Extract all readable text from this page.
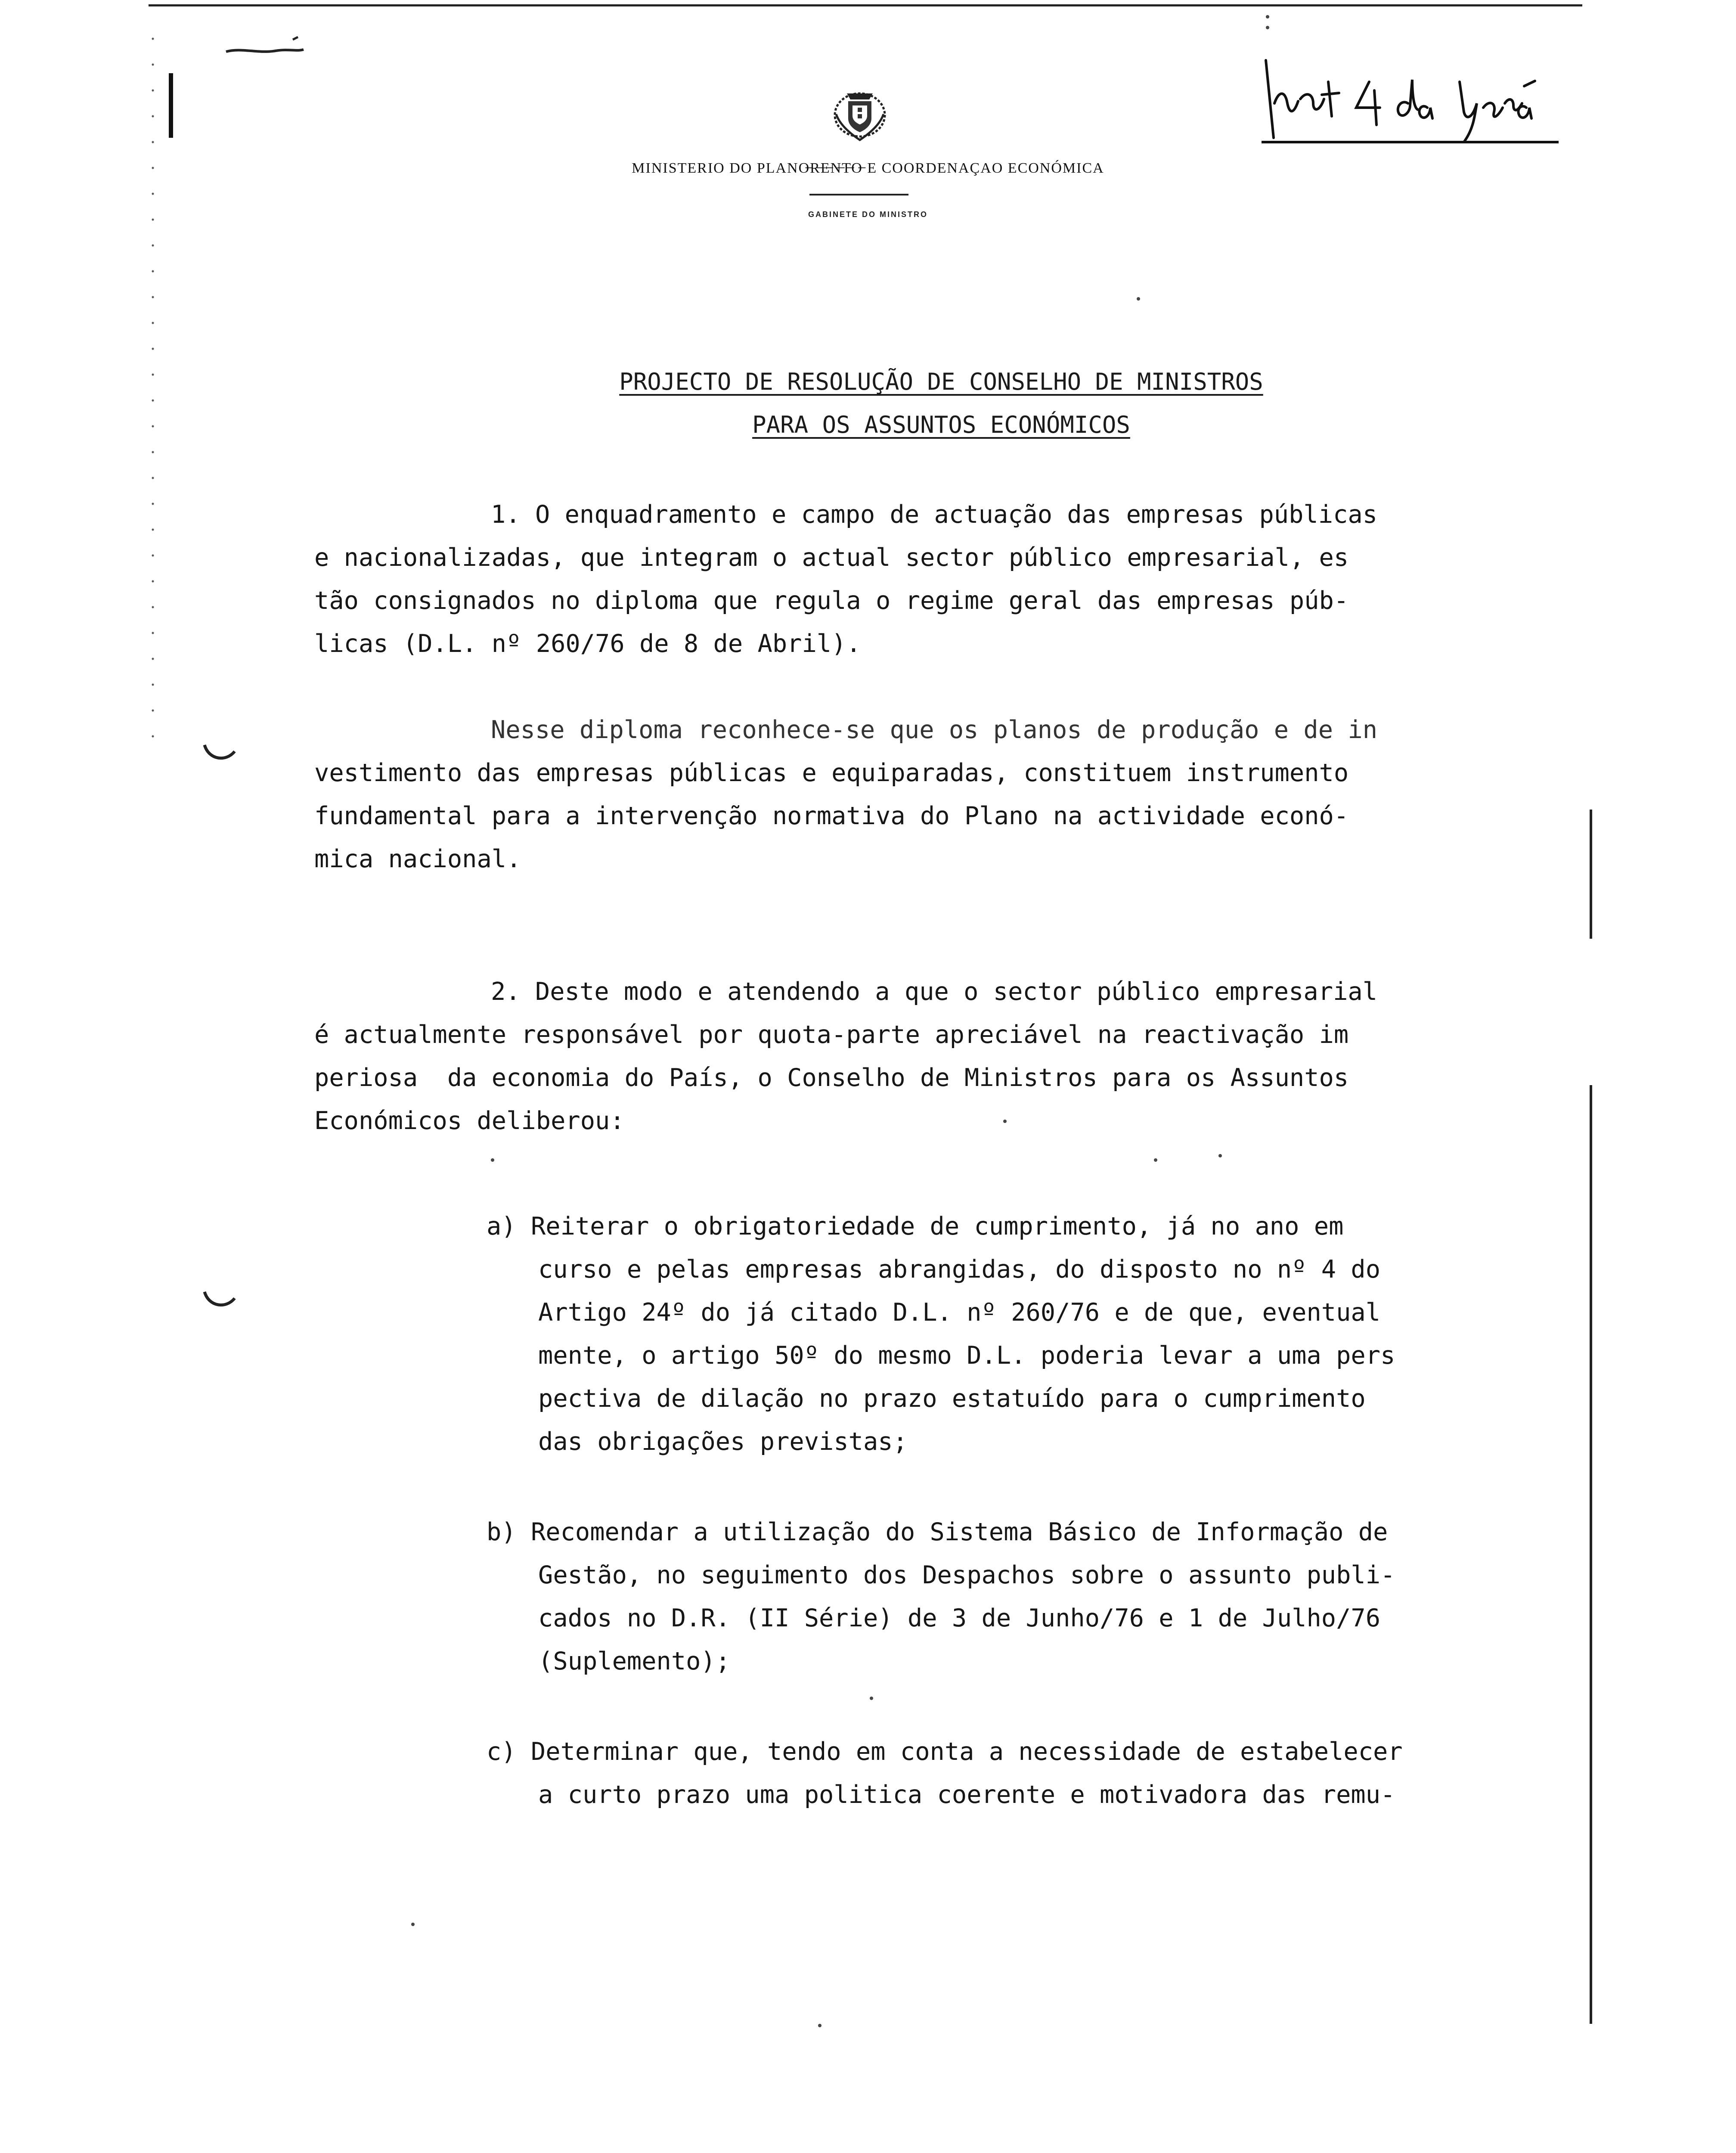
MINISTERIO DO PLANO̶R̶E̶N̶T̶O̶ E COORDENAÇAO ECONÓMICA
GABINETE DO MINISTRO
PROJECTO DE RESOLUÇÃO DE CONSELHO DE MINISTROS
PARA OS ASSUNTOS ECONÓMICOS
1. O enquadramento e campo de actuação das empresas públicas
e nacionalizadas, que integram o actual sector público empresarial, es
tão consignados no diploma que regula o regime geral das empresas púb-
licas (D.L. nº 260/76 de 8 de Abril).
Nesse diploma reconhece-se que os planos de produção e de in
vestimento das empresas públicas e equiparadas, constituem instrumento
fundamental para a intervenção normativa do Plano na actividade econó-
mica nacional.
2. Deste modo e atendendo a que o sector público empresarial
é actualmente responsável por quota-parte apreciável na reactivação im
periosa  da economia do País, o Conselho de Ministros para os Assuntos
Económicos deliberou:
a) Reiterar o obrigatoriedade de cumprimento, já no ano em
curso e pelas empresas abrangidas, do disposto no nº 4 do
Artigo 24º do já citado D.L. nº 260/76 e de que, eventual
mente, o artigo 50º do mesmo D.L. poderia levar a uma pers
pectiva de dilação no prazo estatuído para o cumprimento
das obrigações previstas;
b) Recomendar a utilização do Sistema Básico de Informação de
Gestão, no seguimento dos Despachos sobre o assunto publi-
cados no D.R. (II Série) de 3 de Junho/76 e 1 de Julho/76
(Suplemento);
c) Determinar que, tendo em conta a necessidade de estabelecer
a curto prazo uma politica coerente e motivadora das remu-
